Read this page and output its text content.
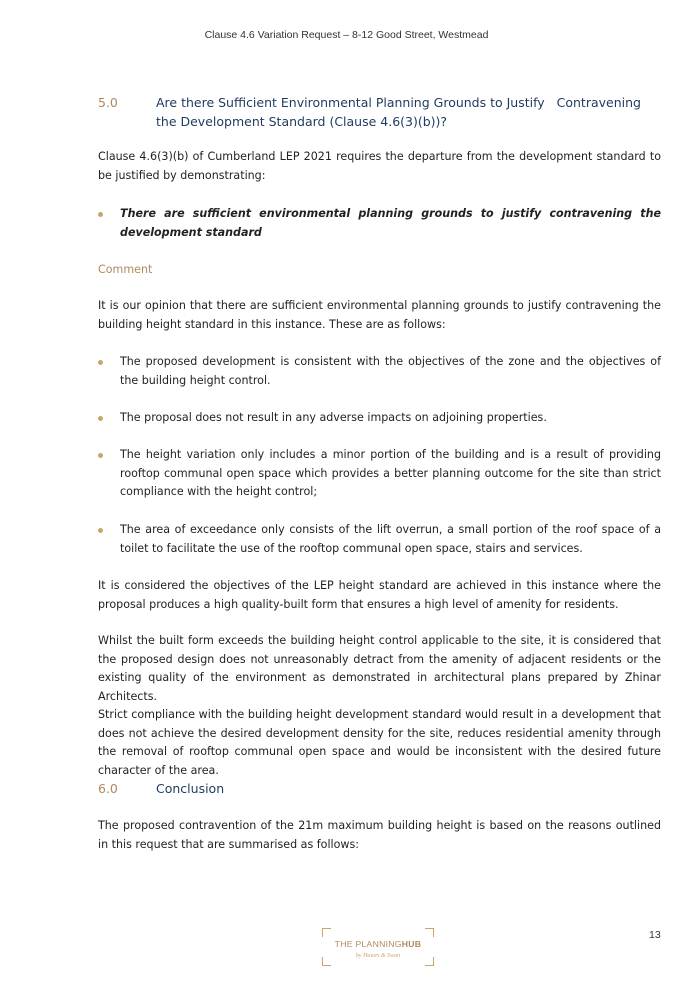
Clause 4.6 Variation Request – 8-12 Good Street, Westmead
5.0	Are there Sufficient Environmental Planning Grounds to Justify   Contravening the Development Standard (Clause 4.6(3)(b))?
Clause 4.6(3)(b) of Cumberland LEP 2021 requires the departure from the development standard to be justified by demonstrating:
There are sufficient environmental planning grounds to justify contravening the development standard
Comment
It is our opinion that there are sufficient environmental planning grounds to justify contravening the building height standard in this instance. These are as follows:
The proposed development is consistent with the objectives of the zone and the objectives of the building height control.
The proposal does not result in any adverse impacts on adjoining properties.
The height variation only includes a minor portion of the building and is a result of providing rooftop communal open space which provides a better planning outcome for the site than strict compliance with the height control;
The area of exceedance only consists of the lift overrun, a small portion of the roof space of a toilet to facilitate the use of the rooftop communal open space, stairs and services.
It is considered the objectives of the LEP height standard are achieved in this instance where the proposal produces a high quality-built form that ensures a high level of amenity for residents.
Whilst the built form exceeds the building height control applicable to the site, it is considered that the proposed design does not unreasonably detract from the amenity of adjacent residents or the existing quality of the environment as demonstrated in architectural plans prepared by Zhinar Architects.
Strict compliance with the building height development standard would result in a development that does not achieve the desired development density for the site, reduces residential amenity through the removal of rooftop communal open space and would be inconsistent with the desired future character of the area.
6.0	Conclusion
The proposed contravention of the 21m maximum building height is based on the reasons outlined in this request that are summarised as follows:
THE PLANNINGHUB
by Hawes & Swan
13
